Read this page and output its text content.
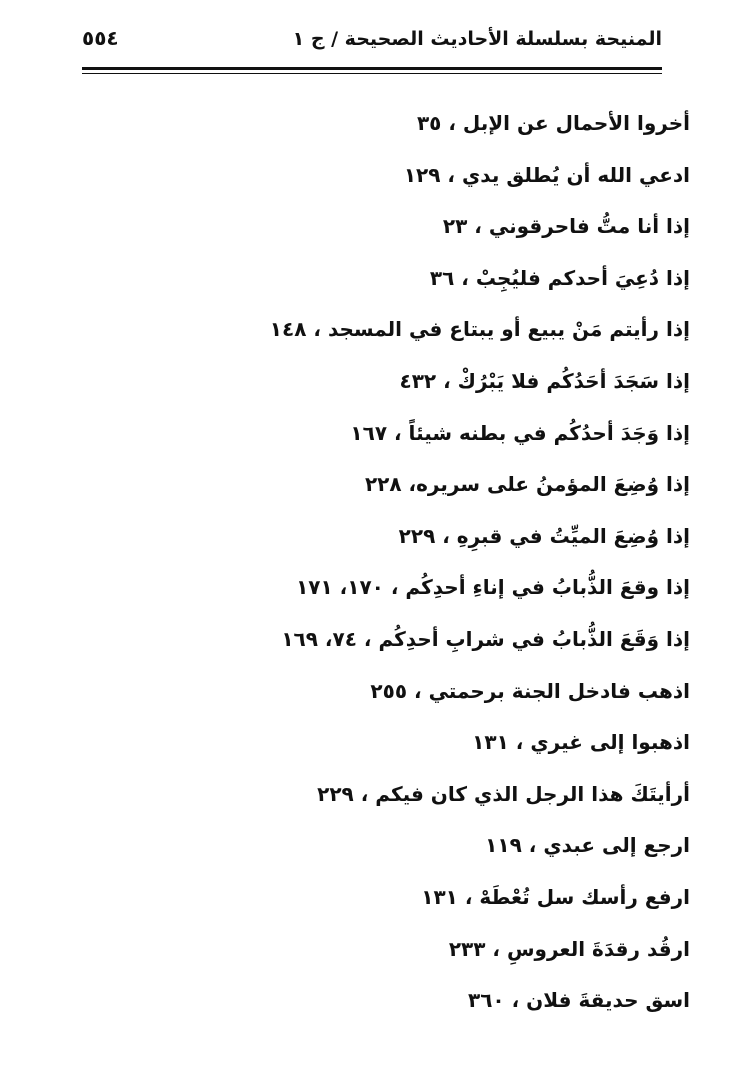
المنيحة بسلسلة الأحاديث الصحيحة / ج ١
٥٥٤
أخروا الأحمال عن الإبل ، ٣٥
ادعي الله أن يُطلق يدي ، ١٢٩
إذا أنا متُّ فاحرقوني ، ٢٣
إذا دُعِيَ أحدكم فليُجِبْ ، ٣٦
إذا رأيتم مَنْ يبيع أو يبتاع في المسجد ، ١٤٨
إذا سَجَدَ أحَدُكُم فلا يَبْرُكْ ، ٤٣٢
إذا وَجَدَ أحدُكُم في بطنه شيئاً ، ١٦٧
إذا وُضِعَ المؤمنُ على سريره، ٢٢٨
إذا وُضِعَ الميِّتُ في قبرِهِ ، ٢٢٩
إذا وقعَ الذُّبابُ في إناءِ أحدِكُم ، ١٧٠، ١٧١
إذا وَقَعَ الذُّبابُ في شرابِ أحدِكُم ، ٧٤، ١٦٩
اذهب فادخل الجنة برحمتي ، ٢٥٥
اذهبوا إلى غيري ، ١٣١
أرأيتَكَ هذا الرجل الذي كان فيكم ، ٢٢٩
ارجع إلى عبدي ، ١١٩
ارفع رأسك سل تُعْطَهْ ، ١٣١
ارقُد رقدَةَ العروسِ ، ٢٣٣
اسق حديقةَ فلان ، ٣٦٠
